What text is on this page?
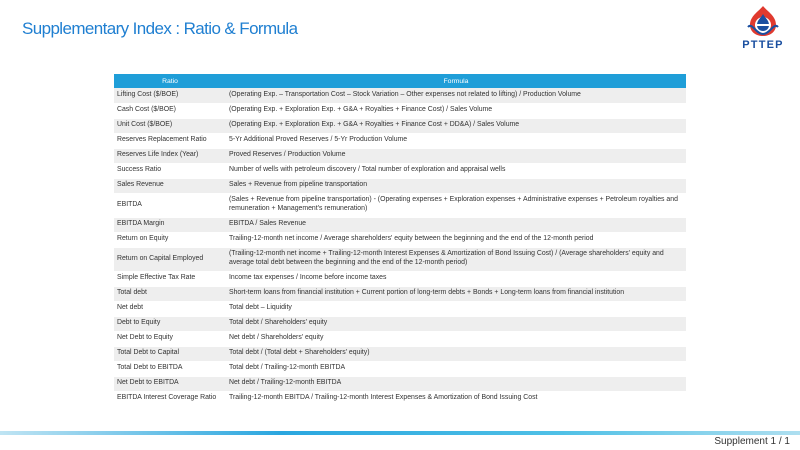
Supplementary Index : Ratio & Formula
PTTEP
Ratio	Formula
Lifting Cost ($/BOE)	(Operating Exp. – Transportation Cost – Stock Variation – Other expenses not related to lifting) / Production Volume
Cash Cost ($/BOE)	(Operating Exp. + Exploration Exp. + G&A + Royalties + Finance Cost) / Sales Volume
Unit Cost ($/BOE)	(Operating Exp. + Exploration Exp. + G&A + Royalties + Finance Cost + DD&A) / Sales Volume
Reserves Replacement Ratio	5-Yr Additional Proved Reserves / 5-Yr Production Volume
Reserves Life Index (Year)	Proved Reserves / Production Volume
Success Ratio	Number of wells with petroleum discovery / Total number of exploration and appraisal wells
Sales Revenue	Sales + Revenue from pipeline transportation
EBITDA	(Sales + Revenue from pipeline transportation) - (Operating expenses + Exploration expenses + Administrative expenses + Petroleum royalties and remuneration + Management's remuneration)
EBITDA Margin	EBITDA / Sales Revenue
Return on Equity	Trailing-12-month net income / Average shareholders' equity between the beginning and the end of the 12-month period
Return on Capital Employed	(Trailing-12-month net income + Trailing-12-month Interest Expenses & Amortization of Bond Issuing Cost) / (Average shareholders' equity and average total debt between the beginning and the end of the 12-month period)
Simple Effective Tax Rate	Income tax expenses / Income before income taxes
Total debt	Short-term loans from financial institution + Current portion of long-term debts + Bonds + Long-term loans from financial institution
Net debt	Total debt – Liquidity
Debt to Equity	Total debt / Shareholders' equity
Net Debt to Equity	Net debt / Shareholders' equity
Total Debt to Capital	Total debt / (Total debt + Shareholders' equity)
Total Debt to EBITDA	Total debt / Trailing-12-month EBITDA
Net Debt to EBITDA	Net debt / Trailing-12-month EBITDA
EBITDA Interest Coverage Ratio	Trailing-12-month EBITDA / Trailing-12-month Interest Expenses & Amortization of Bond Issuing Cost
Supplement 1 / 1
